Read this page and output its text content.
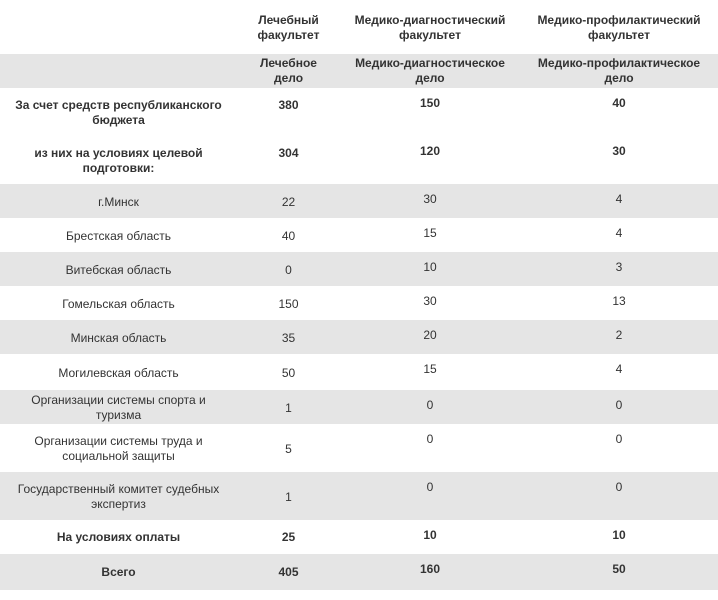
	Лечебный факультет	Медико-диагностический факультет	Медико-профилактический факультет
	Лечебное дело	Медико-диагностическое дело	Медико-профилактическое дело
За счет средств республиканского бюджета	380	150	40
из них на условиях целевой подготовки:	304	120	30
г.Минск	22	30	4
Брестская область	40	15	4
Витебская область	0	10	3
Гомельская область	150	30	13
Минская область	35	20	2
Могилевская область	50	15	4
Организации системы спорта и туризма	1	0	0
Организации системы труда и социальной защиты	5	0	0
Государственный комитет судебных экспертиз	1	0	0
На условиях оплаты	25	10	10
Всего	405	160	50
